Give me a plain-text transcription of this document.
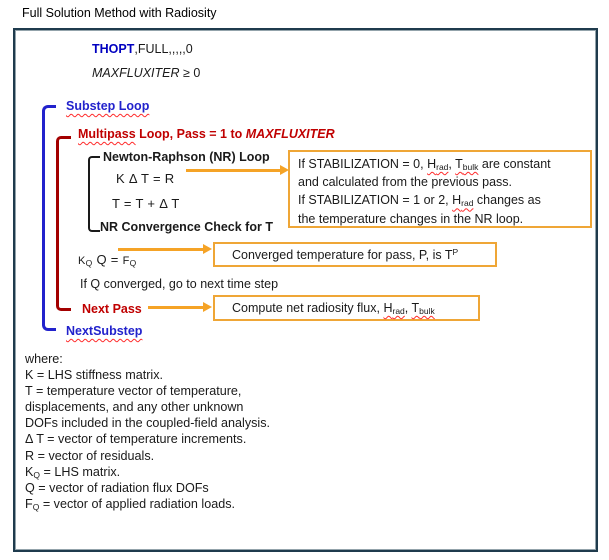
Full Solution Method with Radiosity
THOPT,FULL,,,,,0
MAXFLUXITER ≥ 0
Substep Loop
Multipass Loop, Pass = 1 to MAXFLUXITER
Newton-Raphson (NR) Loop
K Δ T = R
T = T + Δ T
NR Convergence Check for T
If STABILIZATION = 0, $H_{rad}$, $T_{bulk}$ are constant
and calculated from the previous pass.
If STABILIZATION = 1 or 2, $H_{rad}$ changes as
the temperature changes in the NR loop.
$K_Q$ $Q = F_Q$
Converged temperature for pass, P, is $T^P$
If Q converged, go to next time step
Next Pass	Compute net radiosity flux, $H_{rad}$, $T_{bulk}$
NextSubstep
where:
K = LHS stiffness matrix.
T = temperature vector of temperature,
displacements, and any other unknown
DOFs included in the coupled-field analysis.
Δ T = vector of temperature increments.
R = vector of residuals.
$K_Q$ = LHS matrix.
Q = vector of radiation flux DOFs
$F_Q$ = vector of applied radiation loads.
